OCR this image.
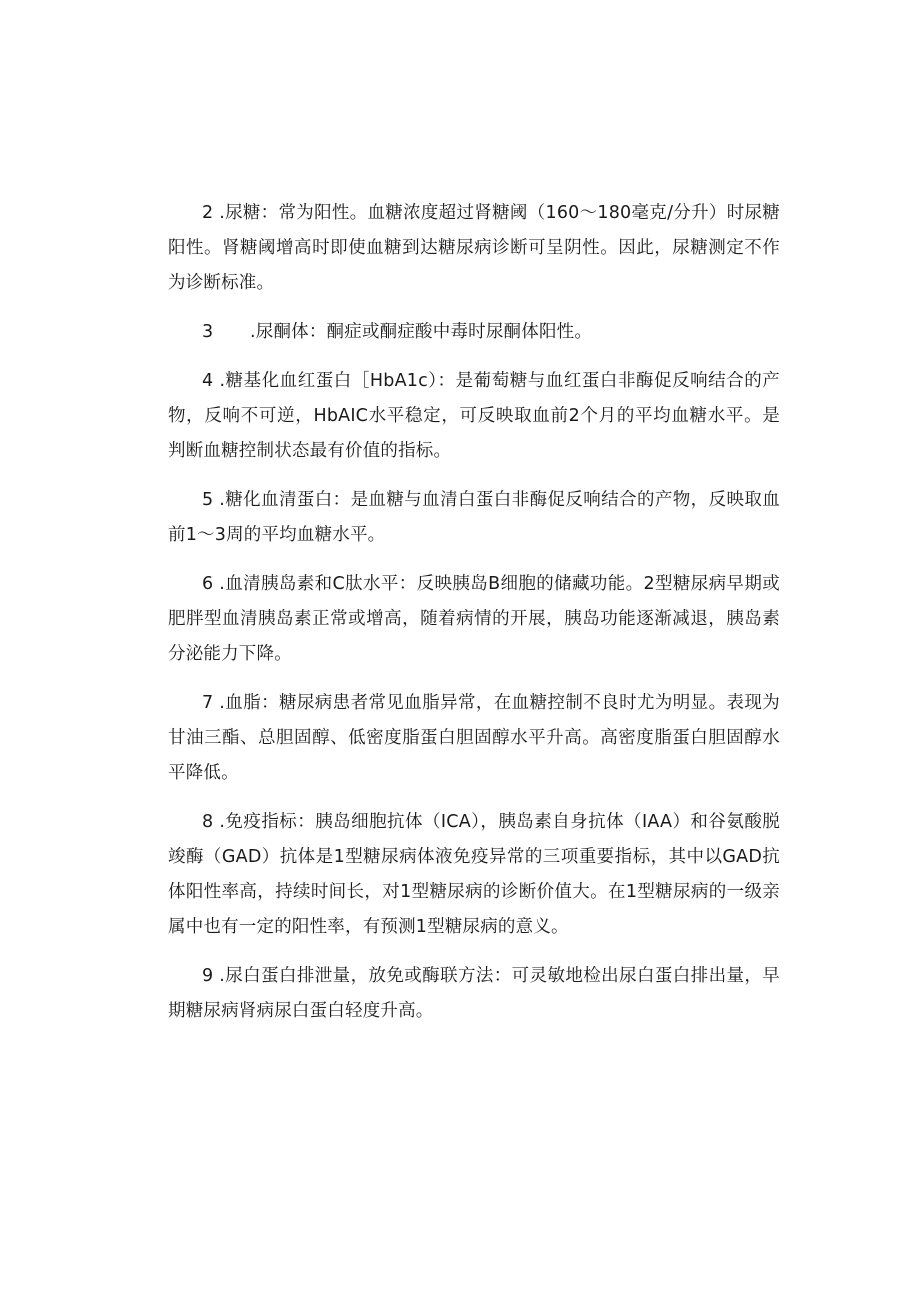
2 .尿糖：常为阳性。血糖浓度超过肾糖阈（160〜180毫克/分升）时尿糖阳性。肾糖阈增高时即使血糖到达糖尿病诊断可呈阴性。因此，尿糖测定不作为诊断标准。

3 .尿酮体：酮症或酮症酸中毒时尿酮体阳性。

4 .糖基化血红蛋白［HbA1c）：是葡萄糖与血红蛋白非酶促反响结合的产物，反响不可逆，HbAIC水平稳定，可反映取血前2个月的平均血糖水平。是判断血糖控制状态最有价值的指标。

5 .糖化血清蛋白：是血糖与血清白蛋白非酶促反响结合的产物，反映取血前1〜3周的平均血糖水平。

6 .血清胰岛素和C肽水平：反映胰岛B细胞的储藏功能。2型糖尿病早期或肥胖型血清胰岛素正常或增高，随着病情的开展，胰岛功能逐渐减退，胰岛素分泌能力下降。

7 .血脂：糖尿病患者常见血脂异常，在血糖控制不良时尤为明显。表现为甘油三酯、总胆固醇、低密度脂蛋白胆固醇水平升高。高密度脂蛋白胆固醇水平降低。

8 .免疫指标：胰岛细胞抗体（ICA），胰岛素自身抗体（IAA）和谷氨酸脱竣酶（GAD）抗体是1型糖尿病体液免疫异常的三项重要指标，其中以GAD抗体阳性率高，持续时间长，对1型糖尿病的诊断价值大。在1型糖尿病的一级亲属中也有一定的阳性率，有预测1型糖尿病的意义。

9 .尿白蛋白排泄量，放免或酶联方法：可灵敏地检出尿白蛋白排出量，早期糖尿病肾病尿白蛋白轻度升高。
